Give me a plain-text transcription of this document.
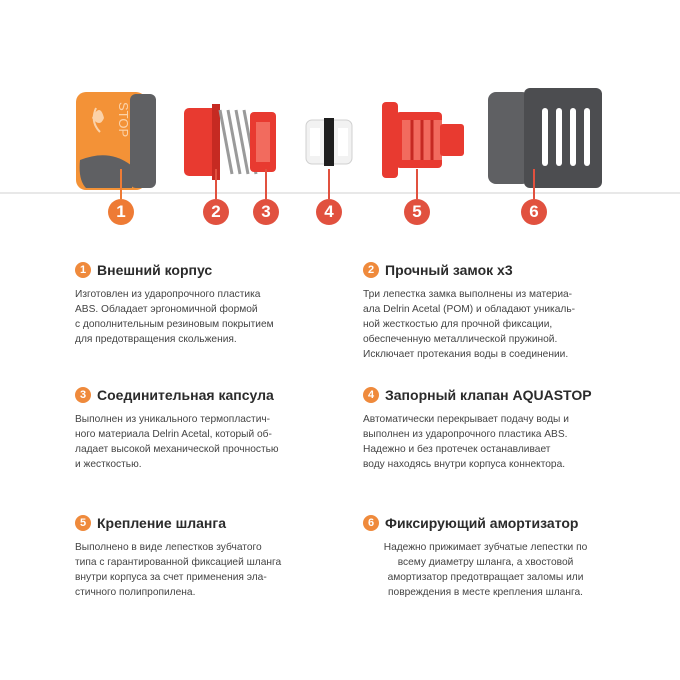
STOP
1	2	3	4	5	6
1 Внешний корпус
Изготовлен из ударопрочного пластика
ABS. Обладает эргономичной формой
с дополнительным резиновым покрытием
для предотвращения скольжения.
2 Прочный замок х3
Три лепестка замка выполнены из материа-
ала Delrin Acetal (POM) и обладают уникаль-
ной жесткостью для прочной фиксации,
обеспеченную металлической пружиной.
Исключает протекания воды в соединении.
3 Соединительная капсула
Выполнен из уникального термопластич-
ного материала Delrin Acetal, который об-
ладает высокой механической прочностью
и жесткостью.
4 Запорный клапан AQUASTOP
Автоматически перекрывает подачу воды и
выполнен из ударопрочного пластика ABS.
Надежно и без протечек останавливает
воду находясь внутри корпуса коннектора.
5 Крепление шланга
Выполнено в виде лепестков зубчатого
типа с гарантированной фиксацией шланга
внутри корпуса за счет применения эла-
стичного полипропилена.
6 Фиксирующий амортизатор
Надежно прижимает зубчатые лепестки по
всему диаметру шланга, а хвостовой
амортизатор предотвращает заломы или
повреждения в месте крепления шланга.
